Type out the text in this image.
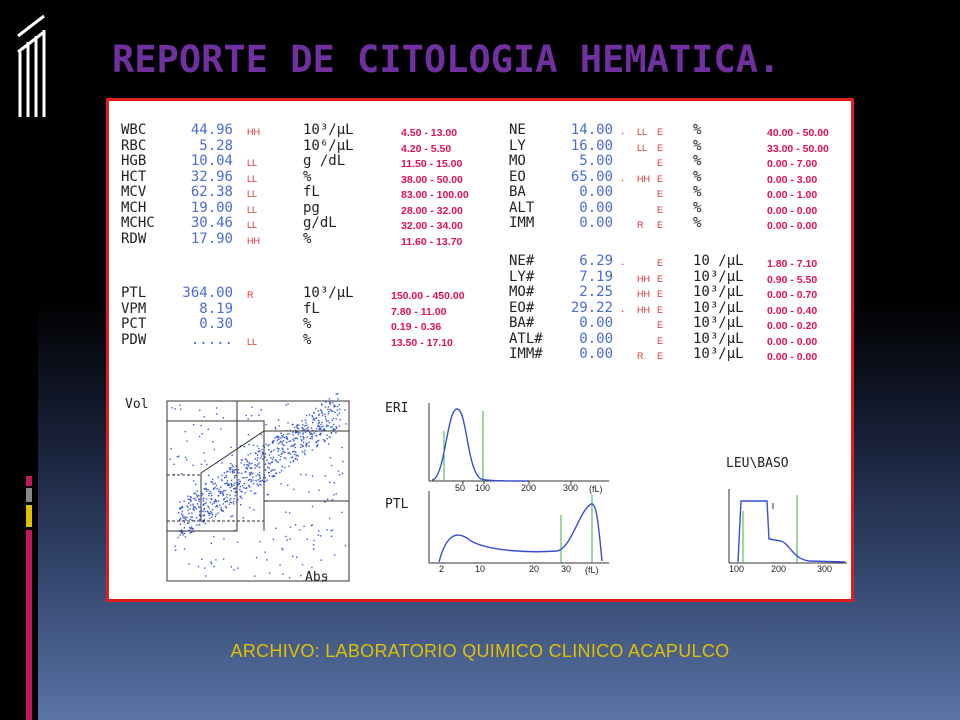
REPORTE DE CITOLOGIA HEMATICA.
WBC	44.96 HH	10³/μL	4.50 - 13.00
RBC	5.28	10⁶/μL	4.20 - 5.50
HGB	10.04 LL	g /dL	11.50 - 15.00
HCT	32.96 LL	%	38.00 - 50.00
MCV	62.38 LL	fL	83.00 - 100.00
MCH	19.00 LL	pg	28.00 - 32.00
MCHC	30.46 LL	g/dL	32.00 - 34.00
RDW	17.90 HH	%	11.60 - 13.70
PTL	364.00 R	10³/μL	150.00 - 450.00
VPM	8.19	fL	7.80 - 11.00
PCT	0.30	%	0.19 - 0.36
PDW	..... LL	%	13.50 - 17.10
NE	14.00 . LL E %	40.00 - 50.00
LY	16.00	LL E %	33.00 - 50.00
MO	5.00	E %	0.00 - 7.00
EO	65.00 . HH E %	0.00 - 3.00
BA	0.00	E %	0.00 - 1.00
ALT	0.00	E %	0.00 - 0.00
IMM	0.00	R E %	0.00 - 0.00
NE#	6.29 .	E 10 /μL 1.80 - 7.10
LY#	7.19	HH E 10³/μL 0.90 - 5.50
MO#	2.25	HH E 10³/μL 0.00 - 0.70
EO#	29.22 . HH E 10³/μL 0.00 - 0.40
BA#	0.00	E 10³/μL 0.00 - 0.20
ATL#	0.00	E 10³/μL 0.00 - 0.00
IMM#	0.00	R E 10³/μL 0.00 - 0.00
Vol
Abs
ERI
PTL
LEU\BASO
50 100	200	300 (fL)
2	10	20 30 (fL)	100	200	300
ARCHIVO: LABORATORIO QUIMICO CLINICO ACAPULCO
